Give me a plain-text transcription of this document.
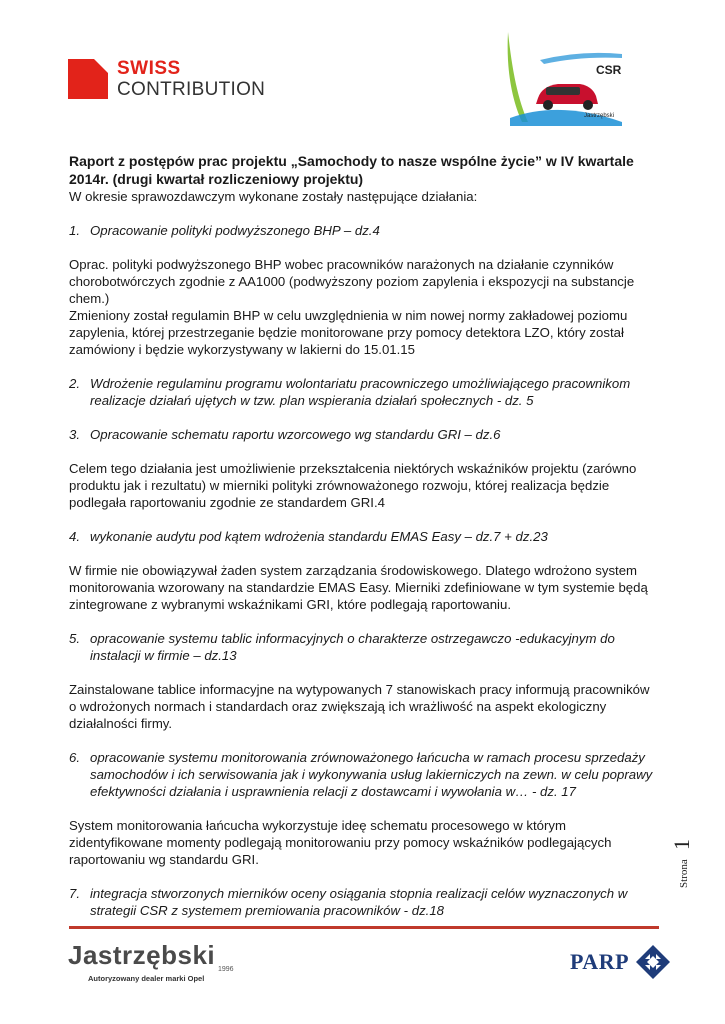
SWISS
CONTRIBUTION
CSR
Jastrzębski

Raport z postępów prac projektu „Samochody to nasze wspólne życie” w IV kwartale 2014r. (drugi kwartał rozliczeniowy projektu)

W okresie sprawozdawczym wykonane zostały następujące działania:

1. Opracowanie polityki podwyższonego BHP – dz.4

Oprac. polityki podwyższonego BHP wobec pracowników narażonych na działanie czynników chorobotwórczych zgodnie z AA1000 (podwyższony poziom zapylenia i ekspozycji na substancje chem.)

Zmieniony został regulamin BHP w celu uwzględnienia w nim nowej normy zakładowej poziomu zapylenia, której przestrzeganie będzie monitorowane przy pomocy detektora LZO, który został zamówiony i będzie wykorzystywany w lakierni do 15.01.15

2. Wdrożenie regulaminu programu wolontariatu pracowniczego umożliwiającego pracownikom realizacje działań ujętych w tzw. plan wspierania działań społecznych - dz. 5
3. Opracowanie schematu raportu wzorcowego wg standardu GRI – dz.6

Celem tego działania jest umożliwienie przekształcenia niektórych wskaźników projektu (zarówno produktu jak i rezultatu) w mierniki polityki zrównoważonego rozwoju, której realizacja będzie podlegała raportowaniu zgodnie ze standardem GRI.4

4. wykonanie audytu pod kątem wdrożenia standardu EMAS Easy – dz.7 + dz.23

W firmie nie obowiązywał żaden system zarządzania środowiskowego. Dlatego wdrożono system monitorowania wzorowany na standardzie EMAS Easy. Mierniki zdefiniowane w tym systemie będą zintegrowane z wybranymi wskaźnikami GRI, które podlegają raportowaniu.

5. opracowanie systemu tablic informacyjnych o charakterze ostrzegawczo -edukacyjnym do instalacji w firmie – dz.13

Zainstalowane tablice informacyjne na wytypowanych 7 stanowiskach pracy informują pracowników o wdrożonych normach i standardach oraz zwiększają ich wrażliwość na aspekt ekologiczny działalności firmy.

6. opracowanie systemu monitorowania zrównoważonego łańcucha w ramach procesu sprzedaży samochodów i ich serwisowania jak i wykonywania usług lakierniczych na zewn. w celu poprawy efektywności działania i usprawnienia relacji z dostawcami i wywołania w… - dz. 17

System monitorowania łańcucha wykorzystuje ideę schematu procesowego w którym zidentyfikowane momenty podlegają monitorowaniu przy pomocy wskaźników podlegających raportowaniu wg standardu GRI.

7. integracja stworzonych mierników oceny osiągania stopnia realizacji celów wyznaczonych w strategii CSR z systemem premiowania pracowników - dz.18
Strona
1
Jastrzębski 1996
Autoryzowany dealer marki Opel
PARP
